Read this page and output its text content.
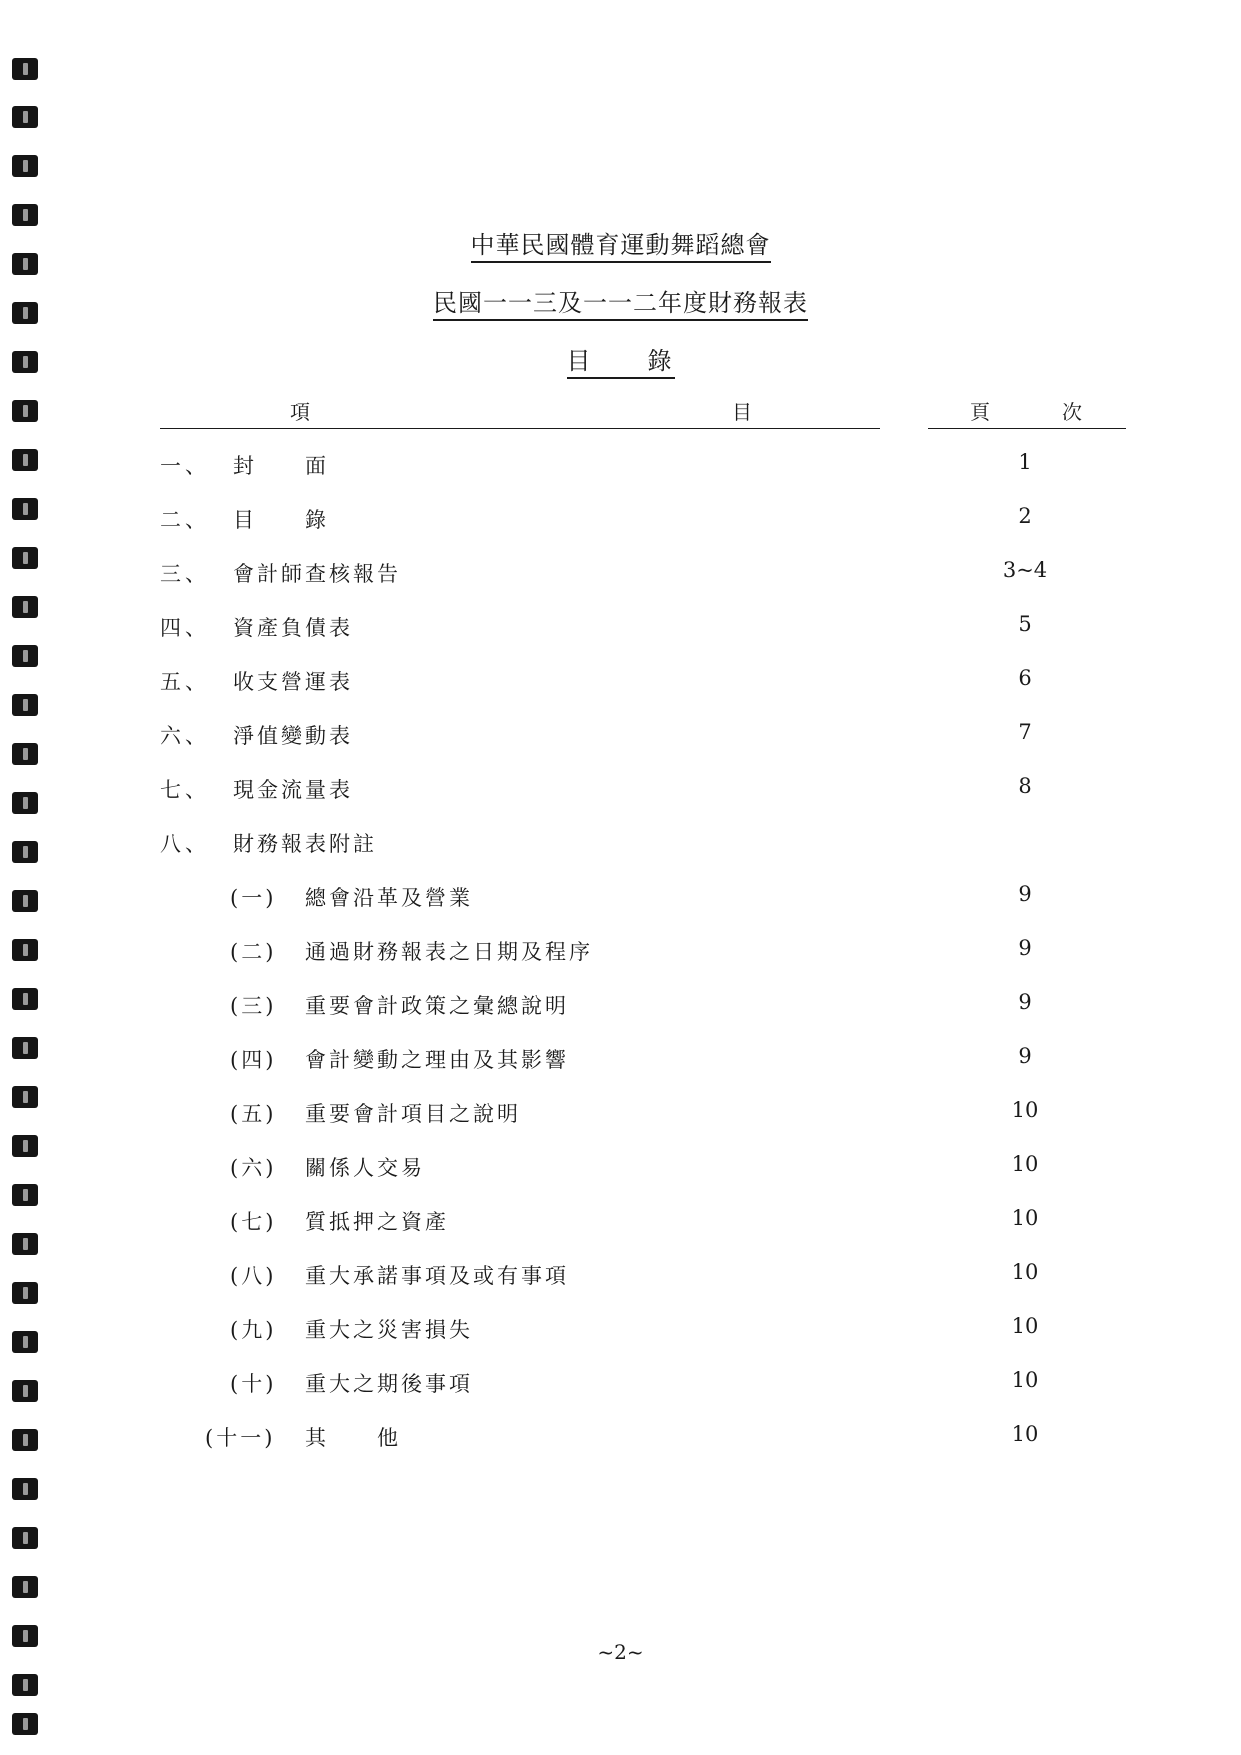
中華民國體育運動舞蹈總會
民國一一三及一一二年度財務報表
目　　錄
項	目	頁	次
一、 封　　面	1
二、 目　　錄	2
三、 會計師查核報告	3~4
四、 資產負債表	5
五、 收支營運表	6
六、 淨值變動表	7
七、 現金流量表	8
八、 財務報表附註
(一) 總會沿革及營業	9
(二) 通過財務報表之日期及程序	9
(三) 重要會計政策之彙總說明	9
(四) 會計變動之理由及其影響	9
(五) 重要會計項目之說明	10
(六) 關係人交易	10
(七) 質抵押之資產	10
(八) 重大承諾事項及或有事項	10
(九) 重大之災害損失	10
(十) 重大之期後事項	10
(十一) 其　　他	10
~2~
